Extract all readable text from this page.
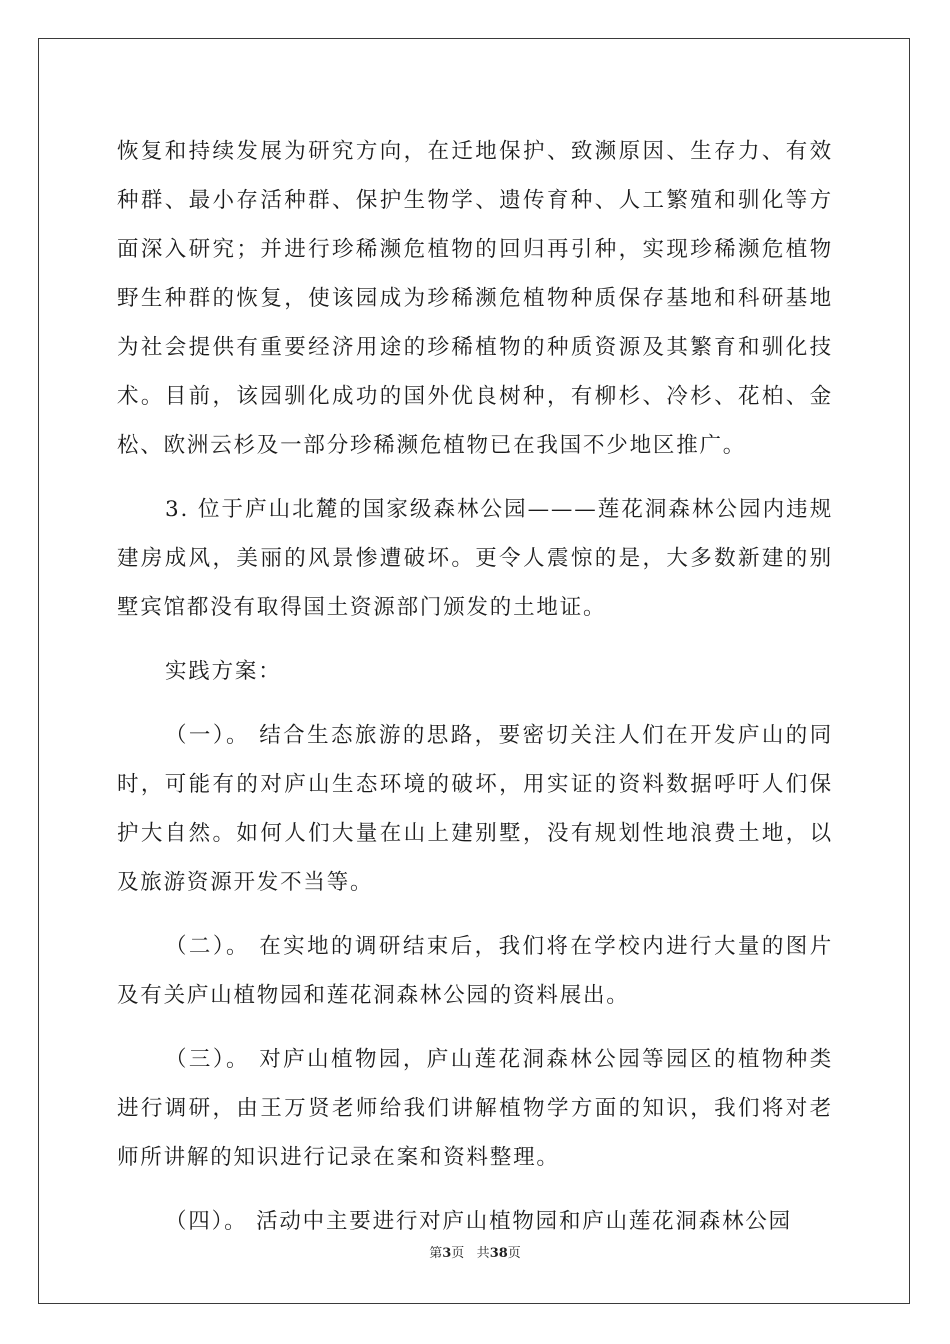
恢复和持续发展为研究方向，在迁地保护、致濒原因、生存力、有效种群、最小存活种群、保护生物学、遗传育种、人工繁殖和驯化等方面深入研究；并进行珍稀濒危植物的回归再引种，实现珍稀濒危植物野生种群的恢复，使该园成为珍稀濒危植物种质保存基地和科研基地为社会提供有重要经济用途的珍稀植物的种质资源及其繁育和驯化技术。目前，该园驯化成功的国外优良树种，有柳杉、冷杉、花柏、金松、欧洲云杉及一部分珍稀濒危植物已在我国不少地区推广。

3. 位于庐山北麓的国家级森林公园———莲花洞森林公园内违规建房成风，美丽的风景惨遭破坏。更令人震惊的是，大多数新建的别墅宾馆都没有取得国土资源部门颁发的土地证。

实践方案：

（一）。 结合生态旅游的思路，要密切关注人们在开发庐山的同时，可能有的对庐山生态环境的破坏，用实证的资料数据呼吁人们保护大自然。如何人们大量在山上建别墅，没有规划性地浪费土地，以及旅游资源开发不当等。

（二）。 在实地的调研结束后，我们将在学校内进行大量的图片及有关庐山植物园和莲花洞森林公园的资料展出。

（三）。 对庐山植物园，庐山莲花洞森林公园等园区的植物种类进行调研，由王万贤老师给我们讲解植物学方面的知识，我们将对老师所讲解的知识进行记录在案和资料整理。

（四）。 活动中主要进行对庐山植物园和庐山莲花洞森林公园

第3页 共38页
